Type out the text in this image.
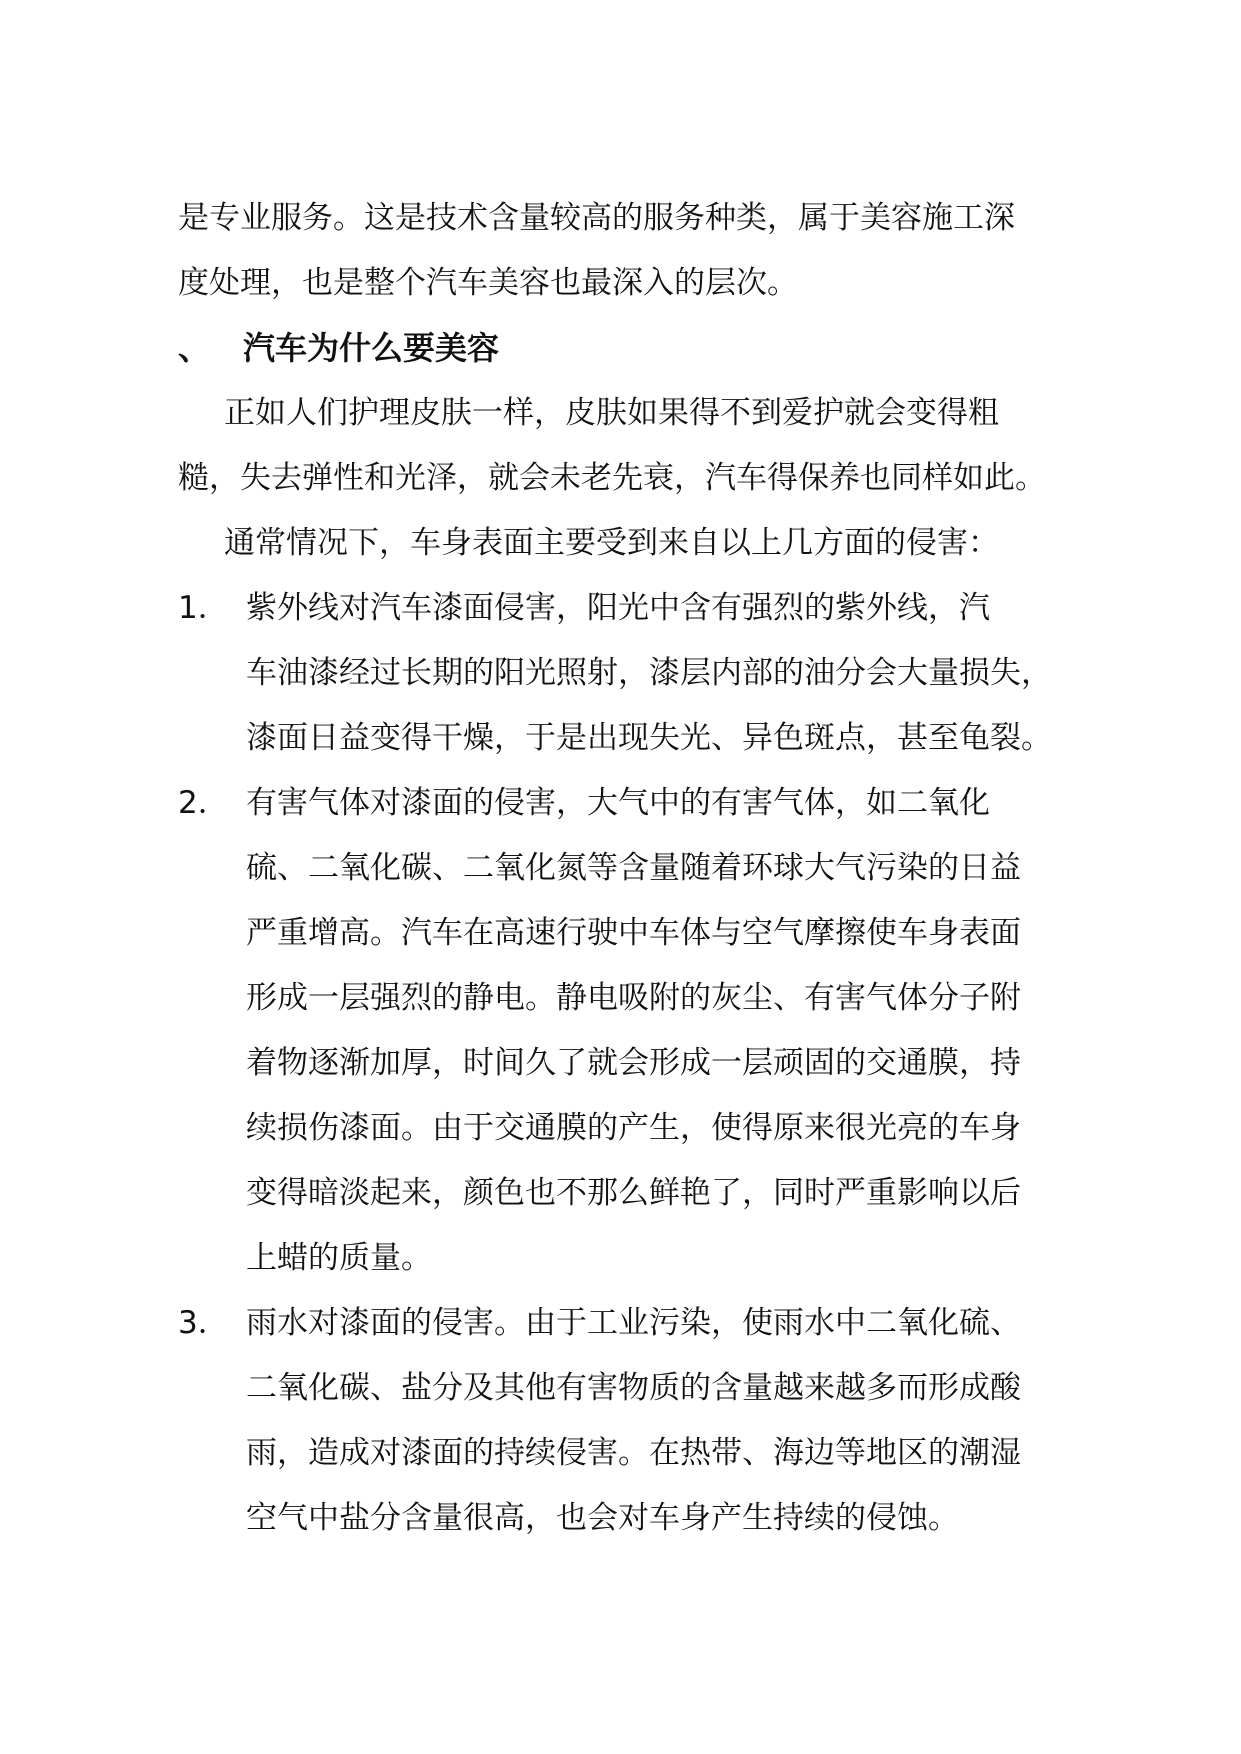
是专业服务。这是技术含量较高的服务种类，属于美容施工深
度处理，也是整个汽车美容也最深入的层次。
、 汽车为什么要美容
正如人们护理皮肤一样，皮肤如果得不到爱护就会变得粗
糙，失去弹性和光泽，就会未老先衰，汽车得保养也同样如此。
通常情况下，车身表面主要受到来自以上几方面的侵害：
1． 紫外线对汽车漆面侵害，阳光中含有强烈的紫外线，汽
车油漆经过长期的阳光照射，漆层内部的油分会大量损失，
漆面日益变得干燥，于是出现失光、异色斑点，甚至龟裂。
2． 有害气体对漆面的侵害，大气中的有害气体，如二氧化
硫、二氧化碳、二氧化氮等含量随着环球大气污染的日益
严重增高。汽车在高速行驶中车体与空气摩擦使车身表面
形成一层强烈的静电。静电吸附的灰尘、有害气体分子附
着物逐渐加厚，时间久了就会形成一层顽固的交通膜，持
续损伤漆面。由于交通膜的产生，使得原来很光亮的车身
变得暗淡起来，颜色也不那么鲜艳了，同时严重影响以后
上蜡的质量。
3． 雨水对漆面的侵害。由于工业污染，使雨水中二氧化硫、
二氧化碳、盐分及其他有害物质的含量越来越多而形成酸
雨，造成对漆面的持续侵害。在热带、海边等地区的潮湿
空气中盐分含量很高，也会对车身产生持续的侵蚀。
